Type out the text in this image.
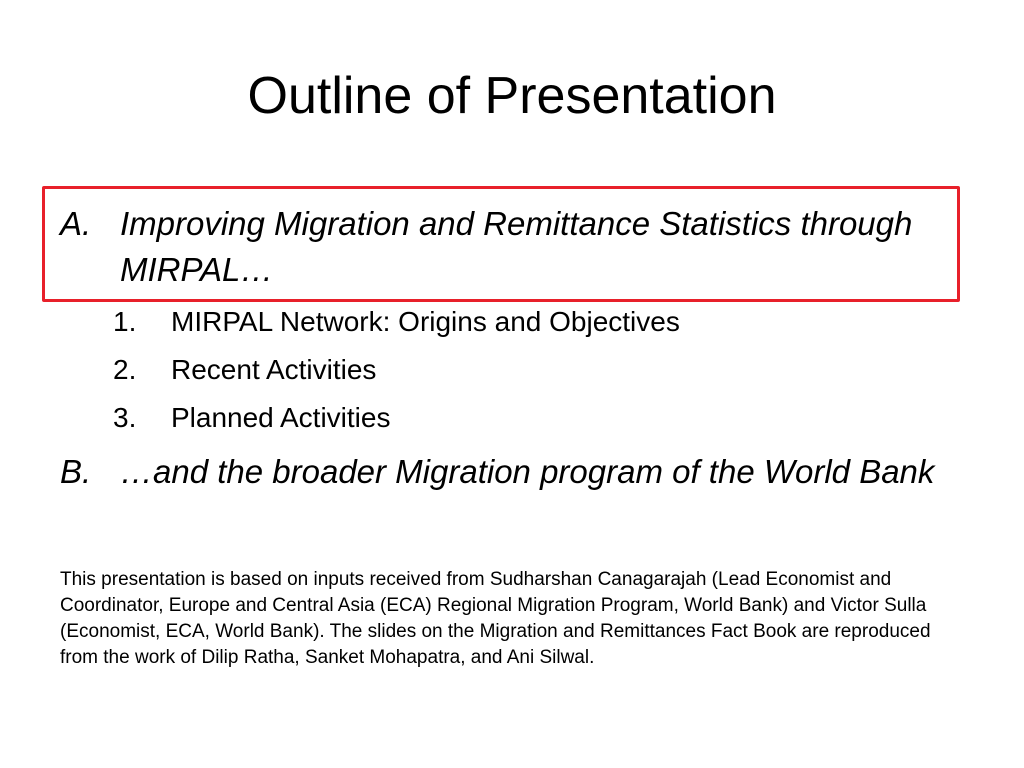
Outline of Presentation
A. Improving Migration and Remittance Statistics through MIRPAL…
1.	MIRPAL Network: Origins and Objectives
2.	Recent Activities
3.	Planned Activities
B. …and the broader Migration program of the World Bank

This presentation is based on inputs received from Sudharshan Canagarajah (Lead Economist and Coordinator, Europe and Central Asia (ECA) Regional Migration Program, World Bank) and Victor Sulla (Economist, ECA, World Bank). The slides on the Migration and Remittances Fact Book are reproduced from the work of Dilip Ratha, Sanket Mohapatra, and Ani Silwal.
